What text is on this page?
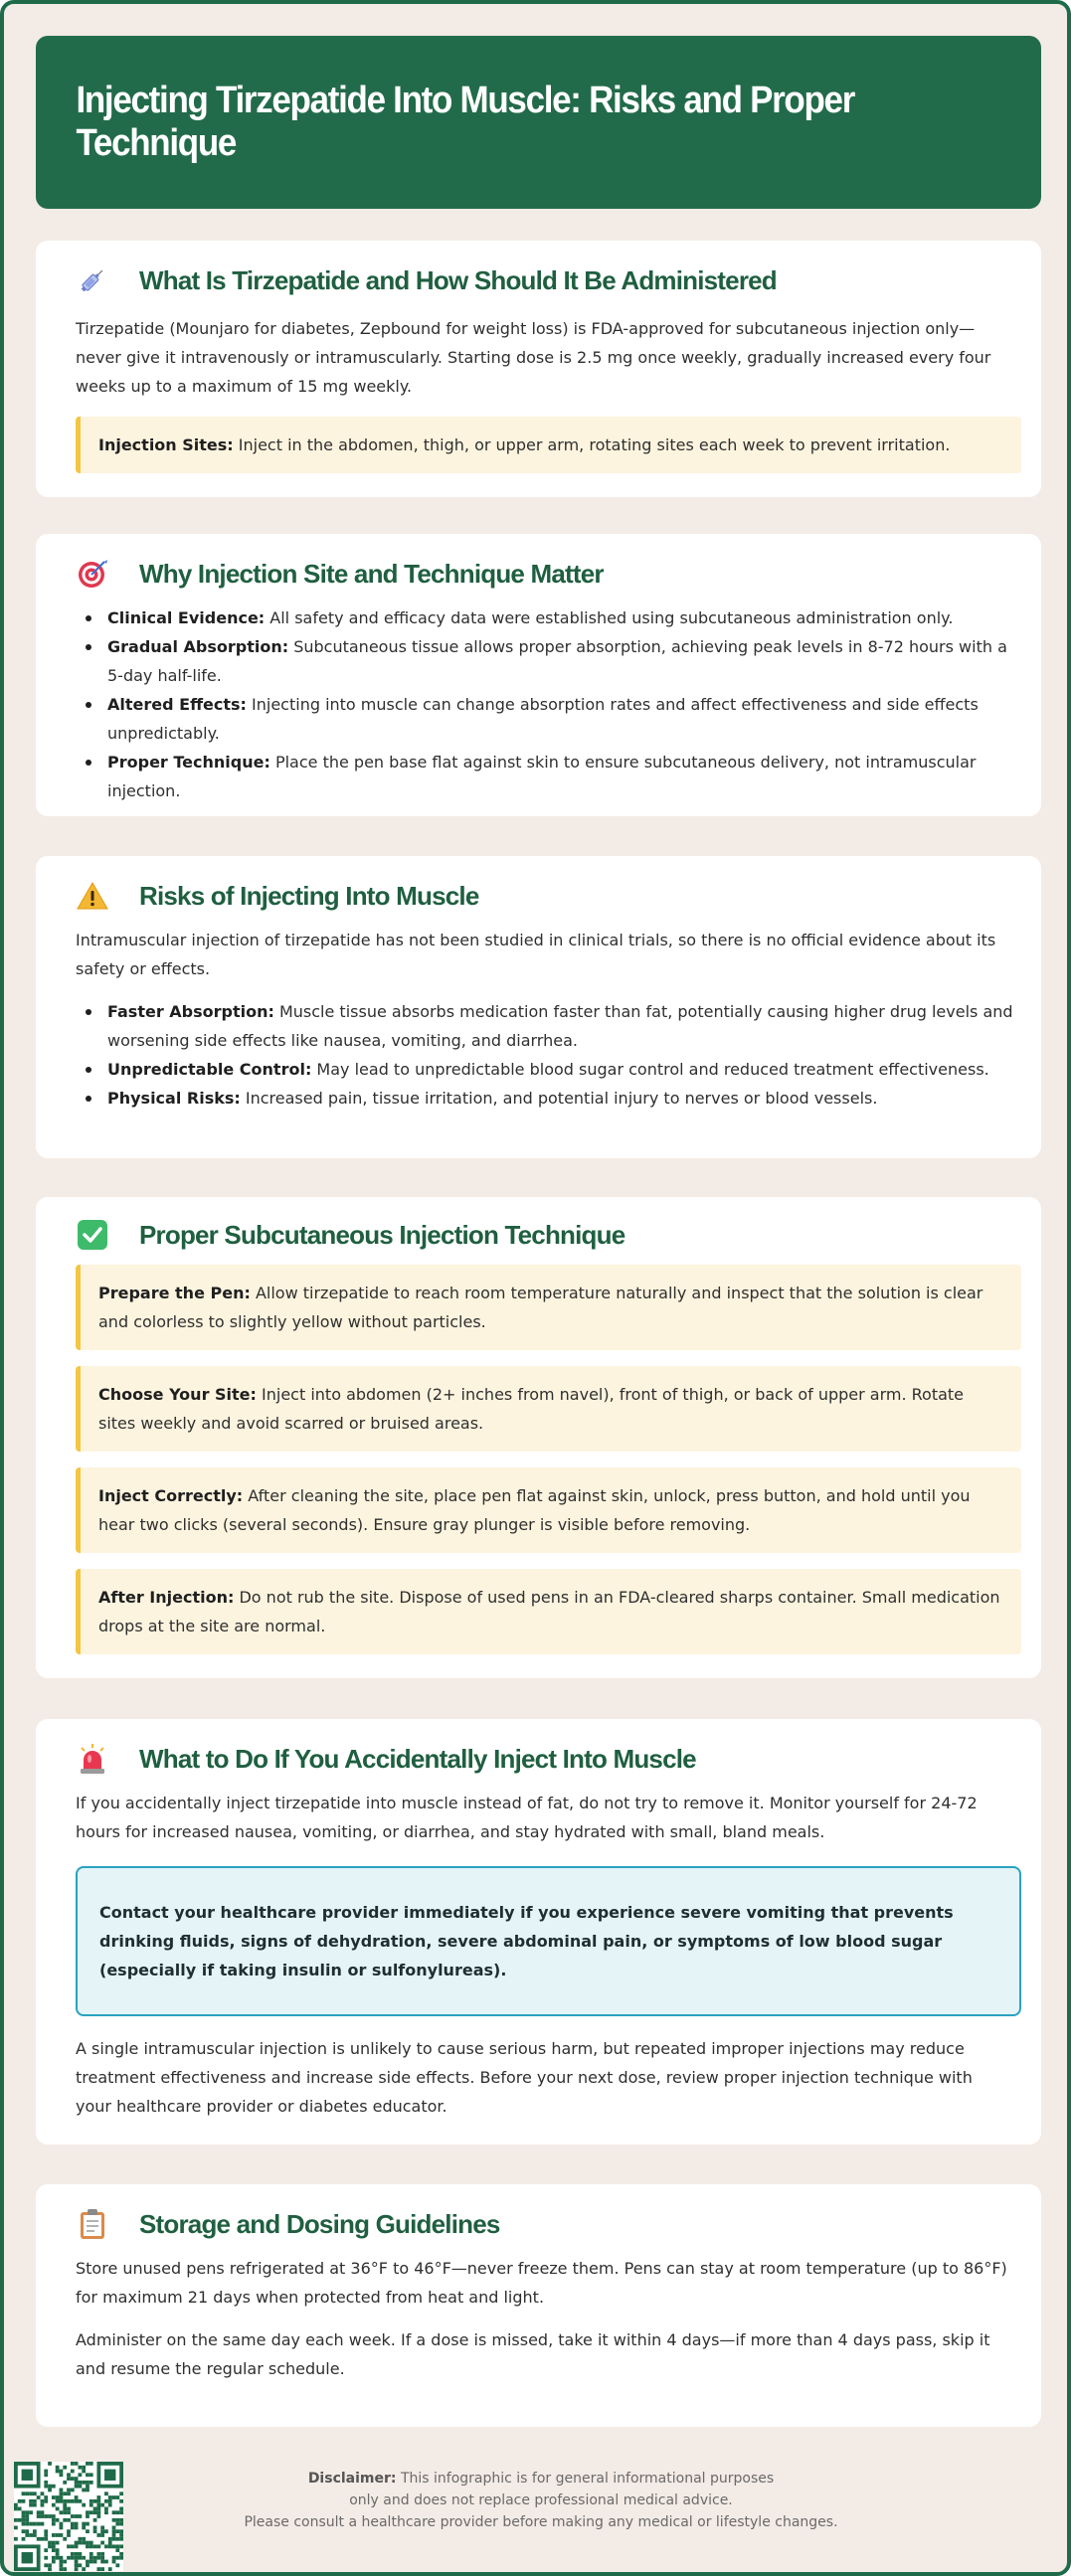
Injecting Tirzepatide Into Muscle: Risks and Proper Technique
What Is Tirzepatide and How Should It Be Administered

Tirzepatide (Mounjaro for diabetes, Zepbound for weight loss) is FDA-approved for subcutaneous injection only—never give it intravenously or intramuscularly. Starting dose is 2.5 mg once weekly, gradually increased every four weeks up to a maximum of 15 mg weekly.

Injection Sites: Inject in the abdomen, thigh, or upper arm, rotating sites each week to prevent irritation.
Why Injection Site and Technique Matter
Clinical Evidence: All safety and efficacy data were established using subcutaneous administration only.
Gradual Absorption: Subcutaneous tissue allows proper absorption, achieving peak levels in 8-72 hours with a 5-day half-life.
Altered Effects: Injecting into muscle can change absorption rates and affect effectiveness and side effects unpredictably.
Proper Technique: Place the pen base flat against skin to ensure subcutaneous delivery, not intramuscular injection.
Risks of Injecting Into Muscle

Intramuscular injection of tirzepatide has not been studied in clinical trials, so there is no official evidence about its safety or effects.

Faster Absorption: Muscle tissue absorbs medication faster than fat, potentially causing higher drug levels and worsening side effects like nausea, vomiting, and diarrhea.
Unpredictable Control: May lead to unpredictable blood sugar control and reduced treatment effectiveness.
Physical Risks: Increased pain, tissue irritation, and potential injury to nerves or blood vessels.
Proper Subcutaneous Injection Technique
Prepare the Pen: Allow tirzepatide to reach room temperature naturally and inspect that the solution is clear and colorless to slightly yellow without particles.
Choose Your Site: Inject into abdomen (2+ inches from navel), front of thigh, or back of upper arm. Rotate sites weekly and avoid scarred or bruised areas.
Inject Correctly: After cleaning the site, place pen flat against skin, unlock, press button, and hold until you hear two clicks (several seconds). Ensure gray plunger is visible before removing.
After Injection: Do not rub the site. Dispose of used pens in an FDA-cleared sharps container. Small medication drops at the site are normal.
What to Do If You Accidentally Inject Into Muscle

If you accidentally inject tirzepatide into muscle instead of fat, do not try to remove it. Monitor yourself for 24-72 hours for increased nausea, vomiting, or diarrhea, and stay hydrated with small, bland meals.

Contact your healthcare provider immediately if you experience severe vomiting that prevents drinking fluids, signs of dehydration, severe abdominal pain, or symptoms of low blood sugar (especially if taking insulin or sulfonylureas).

A single intramuscular injection is unlikely to cause serious harm, but repeated improper injections may reduce treatment effectiveness and increase side effects. Before your next dose, review proper injection technique with your healthcare provider or diabetes educator.

Storage and Dosing Guidelines

Store unused pens refrigerated at 36°F to 46°F—never freeze them. Pens can stay at room temperature (up to 86°F) for maximum 21 days when protected from heat and light.

Administer on the same day each week. If a dose is missed, take it within 4 days—if more than 4 days pass, skip it and resume the regular schedule.

Disclaimer: This infographic is for general informational purposes
only and does not replace professional medical advice.
Please consult a healthcare provider before making any medical or lifestyle changes.
